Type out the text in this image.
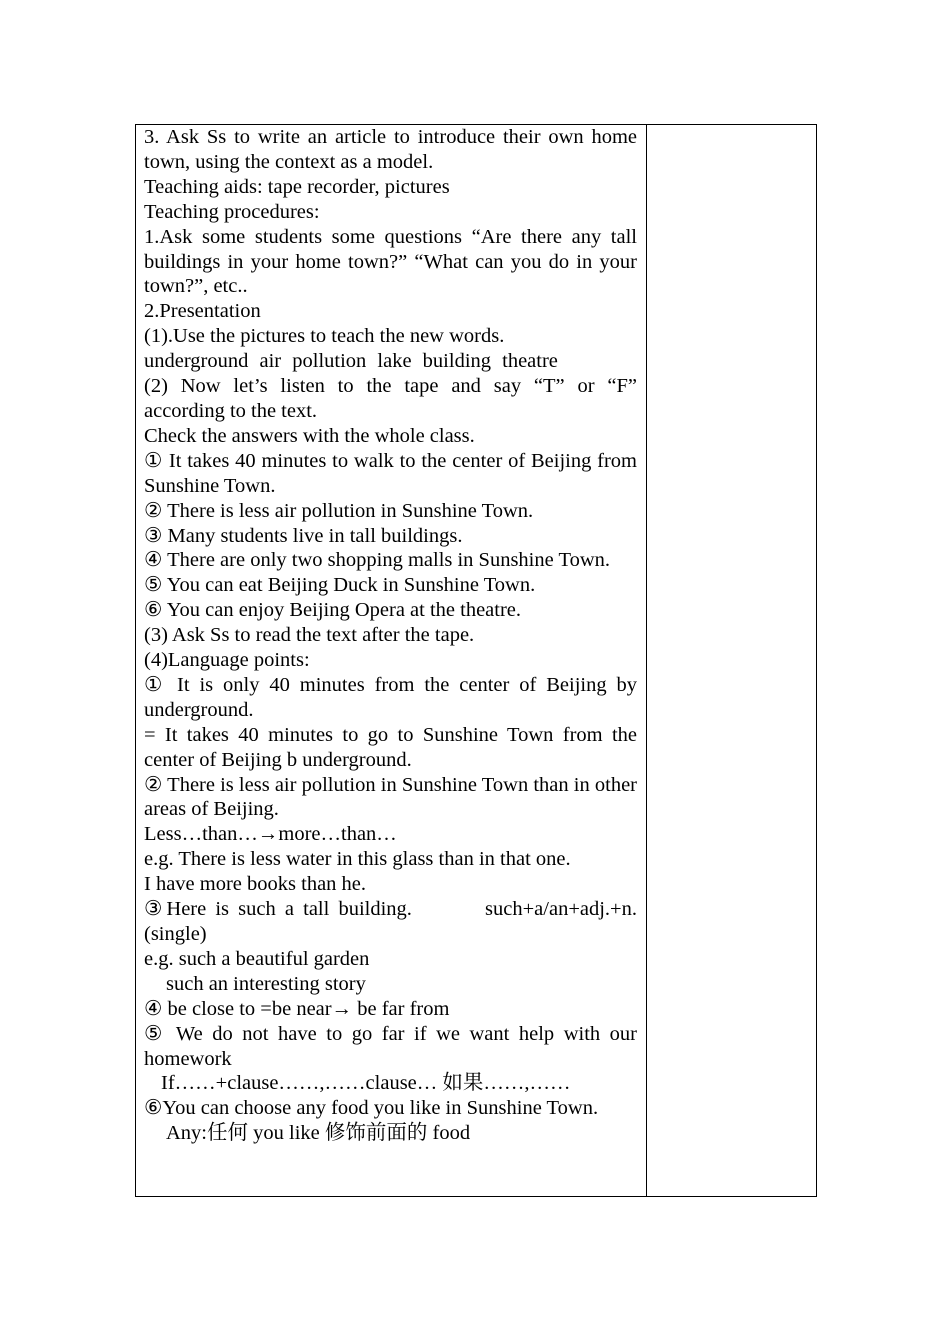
3. Ask Ss to write an article to introduce their own home town, using the context as a model.

Teaching aids: tape recorder, pictures

Teaching procedures:

1.Ask some students some questions “Are there any tall buildings in your home town?” “What can you do in your town?”, etc..

2.Presentation

(1).Use the pictures to teach the new words.

underground air pollution lake building theatre

(2) Now let’s listen to the tape and say “T” or “F” according to the text.

Check the answers with the whole class.

① It takes 40 minutes to walk to the center of Beijing from Sunshine Town.

② There is less air pollution in Sunshine Town.

③ Many students live in tall buildings.

④ There are only two shopping malls in Sunshine Town.

⑤ You can eat Beijing Duck in Sunshine Town.

⑥ You can enjoy Beijing Opera at the theatre.

(3) Ask Ss to read the text after the tape.

(4)Language points:

① It is only 40 minutes from the center of Beijing by underground.

= It takes 40 minutes to go to Sunshine Town from the center of Beijing b underground.

② There is less air pollution in Sunshine Town than in other areas of Beijing.

Less…than…→more…than…

e.g. There is less water in this glass than in that one.

I have more books than he.

③Here is such a tall building.        such+a/an+adj.+n.(single)

e.g. such a beautiful garden

such an interesting story

④ be close to =be near→ be far from

⑤ We do not have to go far if we want help with our homework

If……+clause……,……clause… 如果……,……

⑥You can choose any food you like in Sunshine Town.

Any:任何 you like 修饰前面的 food
